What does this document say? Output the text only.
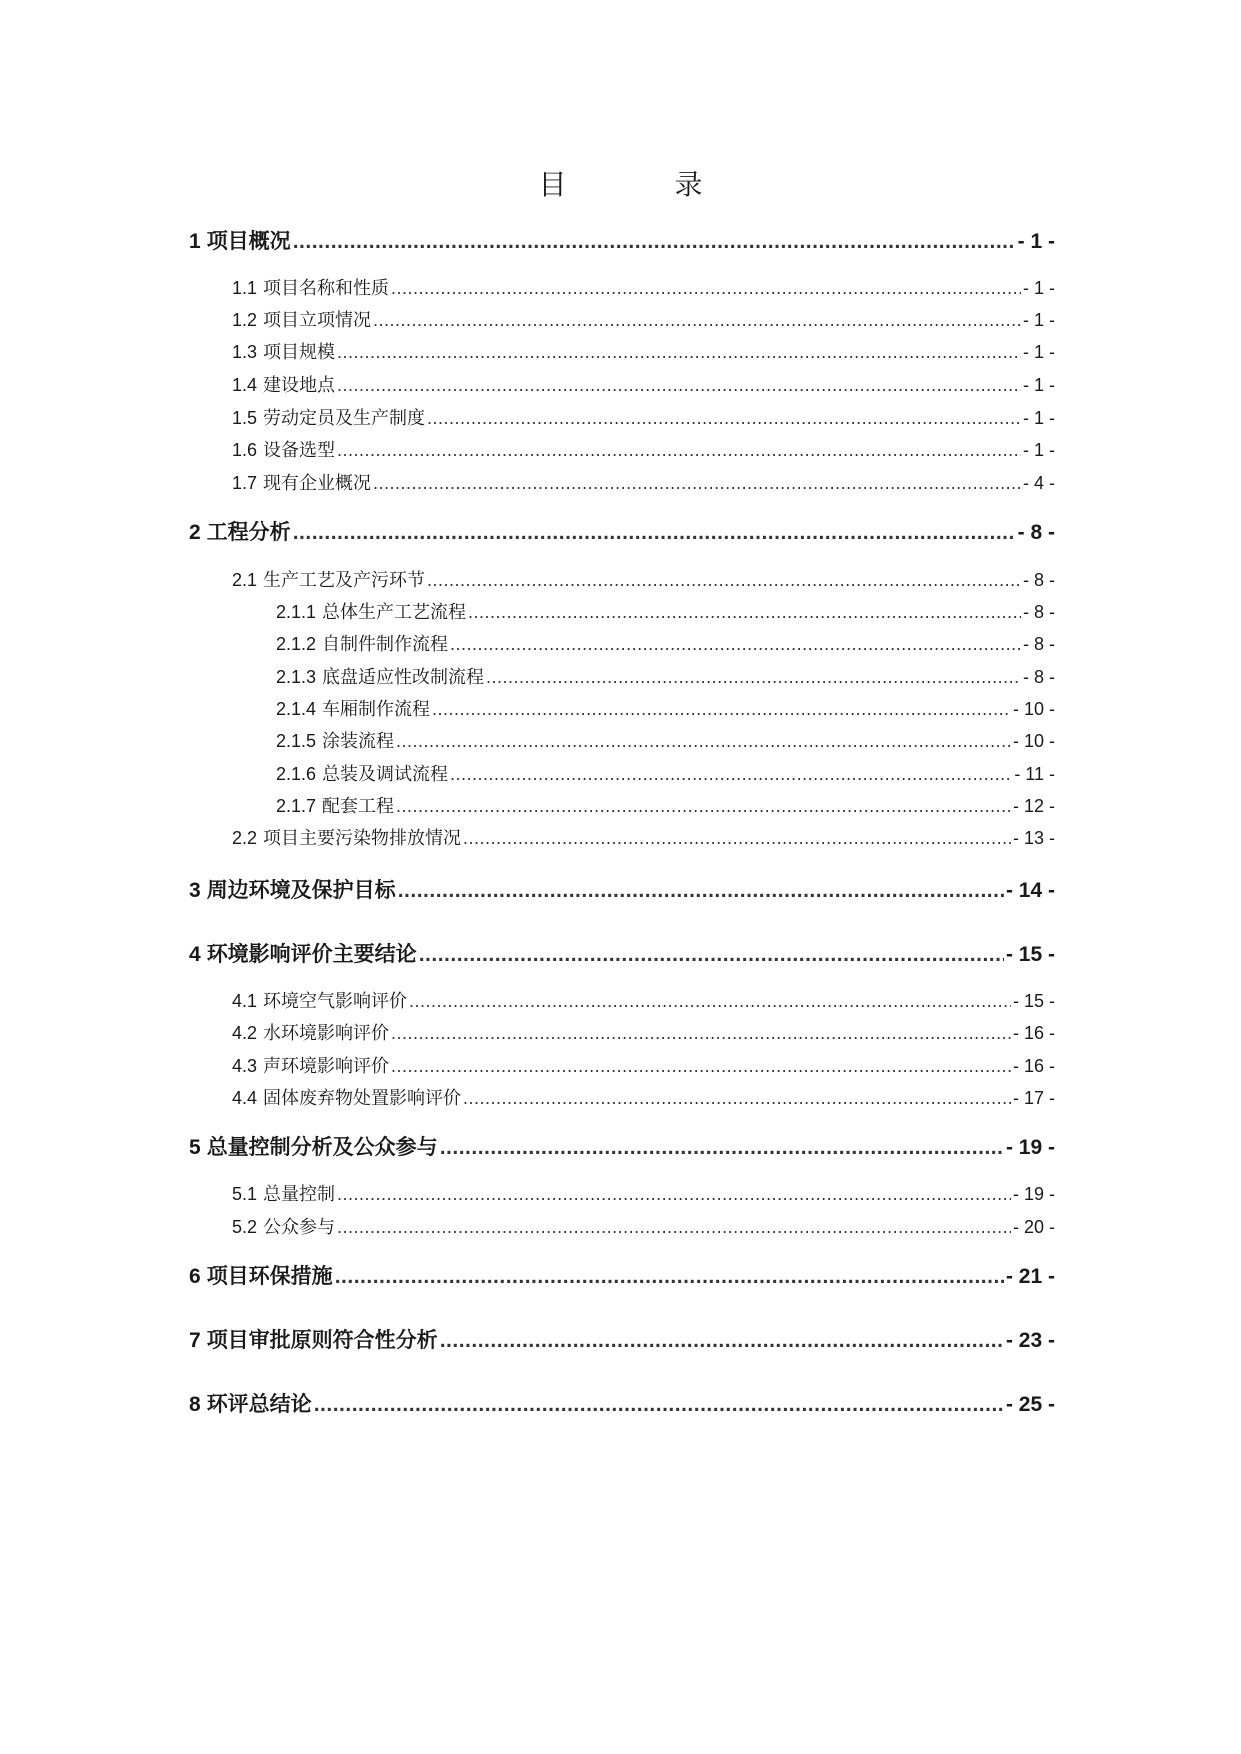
目　录
1 项目概况 .....	- 1 -
1.1 项目名称和性质 .....	- 1 -
1.2 项目立项情况 .....	- 1 -
1.3 项目规模 .....	- 1 -
1.4 建设地点 .....	- 1 -
1.5 劳动定员及生产制度 .....	- 1 -
1.6 设备选型 .....	- 1 -
1.7 现有企业概况 .....	- 4 -
2 工程分析 .....	- 8 -
2.1 生产工艺及产污环节 .....	- 8 -
2.1.1 总体生产工艺流程 .....	- 8 -
2.1.2 自制件制作流程 .....	- 8 -
2.1.3 底盘适应性改制流程 .....	- 8 -
2.1.4 车厢制作流程 .....	- 10 -
2.1.5 涂装流程 .....	- 10 -
2.1.6 总装及调试流程 .....	- 11 -
2.1.7 配套工程 .....	- 12 -
2.2 项目主要污染物排放情况 .....	- 13 -
3 周边环境及保护目标 .....	- 14 -
4 环境影响评价主要结论 .....	- 15 -
4.1 环境空气影响评价 .....	- 15 -
4.2 水环境影响评价 .....	- 16 -
4.3 声环境影响评价 .....	- 16 -
4.4 固体废弃物处置影响评价 .....	- 17 -
5 总量控制分析及公众参与 .....	- 19 -
5.1 总量控制 .....	- 19 -
5.2 公众参与 .....	- 20 -
6 项目环保措施 .....	- 21 -
7 项目审批原则符合性分析 .....	- 23 -
8 环评总结论 .....	- 25 -
